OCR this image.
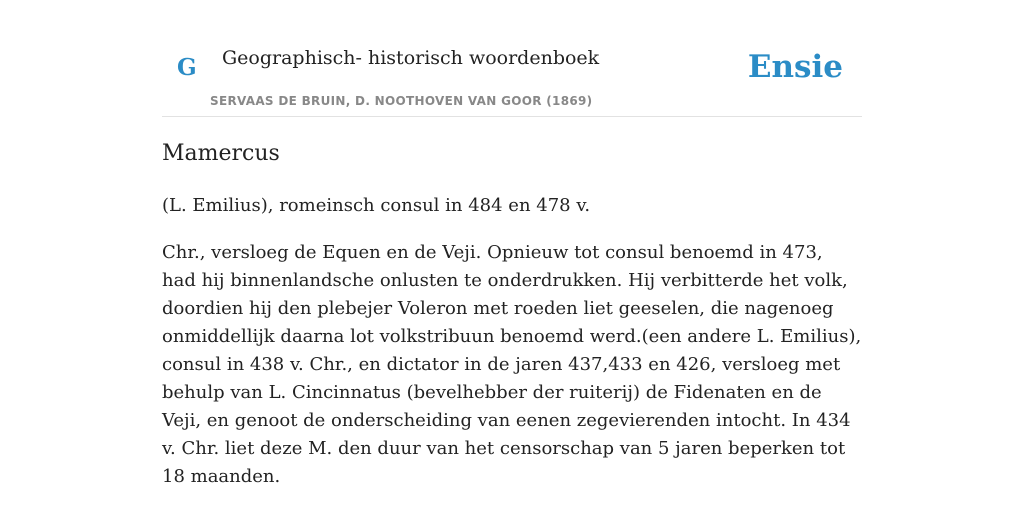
G Geographisch- historisch woordenboek
SERVAAS DE BRUIN, D. NOOTHOVEN VAN GOOR (1869)
Ensie
Mamercus

(L. Emilius), romeinsch consul in 484 en 478 v.

Chr., versloeg de Equen en de Veji. Opnieuw tot consul benoemd in 473, had hij binnenlandsche onlusten te onderdrukken. Hij verbitterde het volk, doordien hij den plebejer Voleron met roeden liet geeselen, die nagenoeg onmiddellijk daarna lot volkstribuun benoemd werd.(een andere L. Emilius), consul in 438 v. Chr., en dictator in de jaren 437,433 en 426, versloeg met behulp van L. Cincinnatus (bevelhebber der ruiterij) de Fidenaten en de Veji, en genoot de onderscheiding van eenen zegevierenden intocht. In 434 v. Chr. liet deze M. den duur van het censorschap van 5 jaren beperken tot 18 maanden.
